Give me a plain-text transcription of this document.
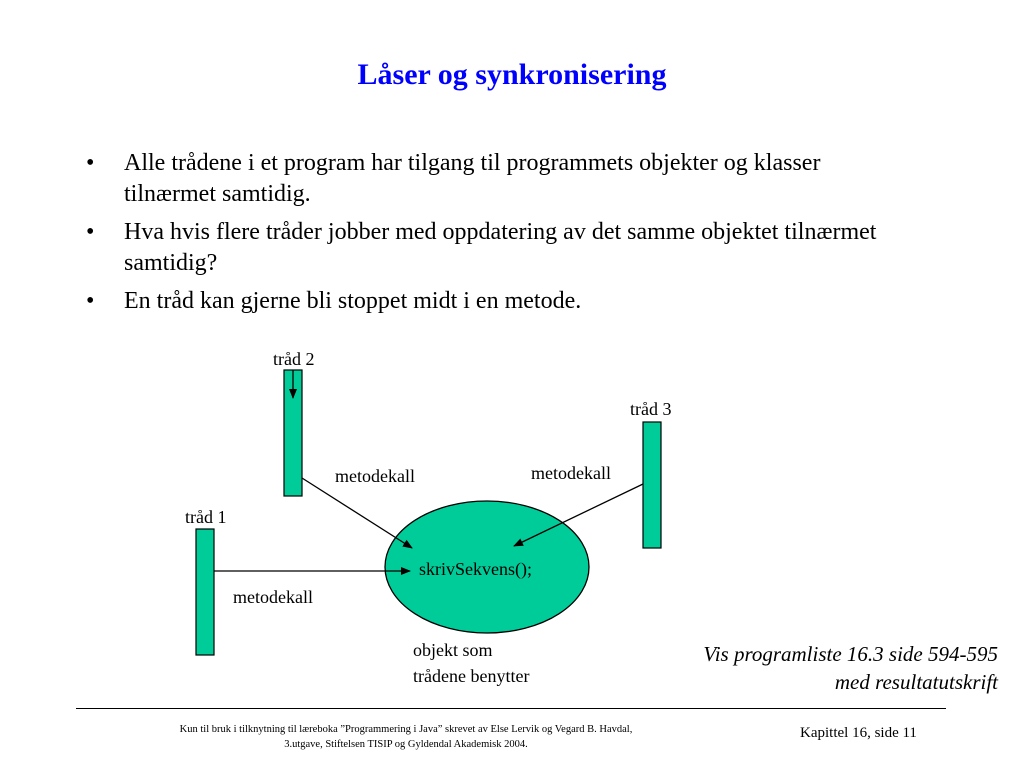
Låser og synkronisering
• Alle trådene i et program har tilgang til programmets objekter og klasser tilnærmet samtidig.
• Hva hvis flere tråder jobber med oppdatering av det samme objektet tilnærmet samtidig?
• En tråd kan gjerne bli stoppet midt i en metode.
tråd 2
tråd 3
tråd 1
metodekall	metodekall
metodekall
skrivSekvens();
objekt som
trådene benytter
Vis programliste 16.3 side 594-595
med resultatutskrift
Kun til bruk i tilknytning til læreboka ”Programmering i Java” skrevet av Else Lervik og Vegard B. Havdal,
3.utgave, Stiftelsen TISIP og Gyldendal Akademisk 2004.
Kapittel 16, side 11
